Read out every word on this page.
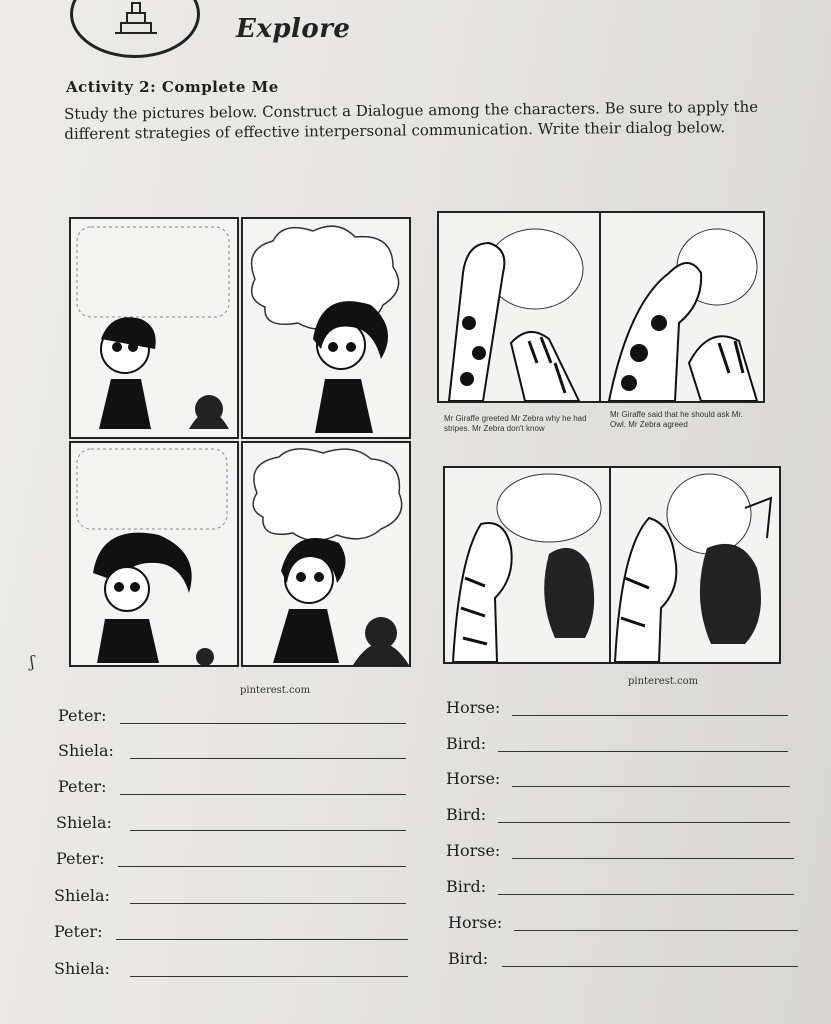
Explore
Activity 2: Complete Me
Study the pictures below. Construct a Dialogue among the characters. Be sure to apply the different strategies of effective interpersonal communication. Write their dialog below.
Mr Giraffe greeted Mr Zebra why he had stripes. Mr Zebra don't know
Mr Giraffe said that he should ask Mr. Owl. Mr Zebra agreed
pinterest.com
pinterest.com
ʃ
Peter:
Shiela:
Peter:
Shiela:
Peter:
Shiela:
Peter:
Shiela:
Horse:
Bird:
Horse:
Bird:
Horse:
Bird:
Horse:
Bird:
